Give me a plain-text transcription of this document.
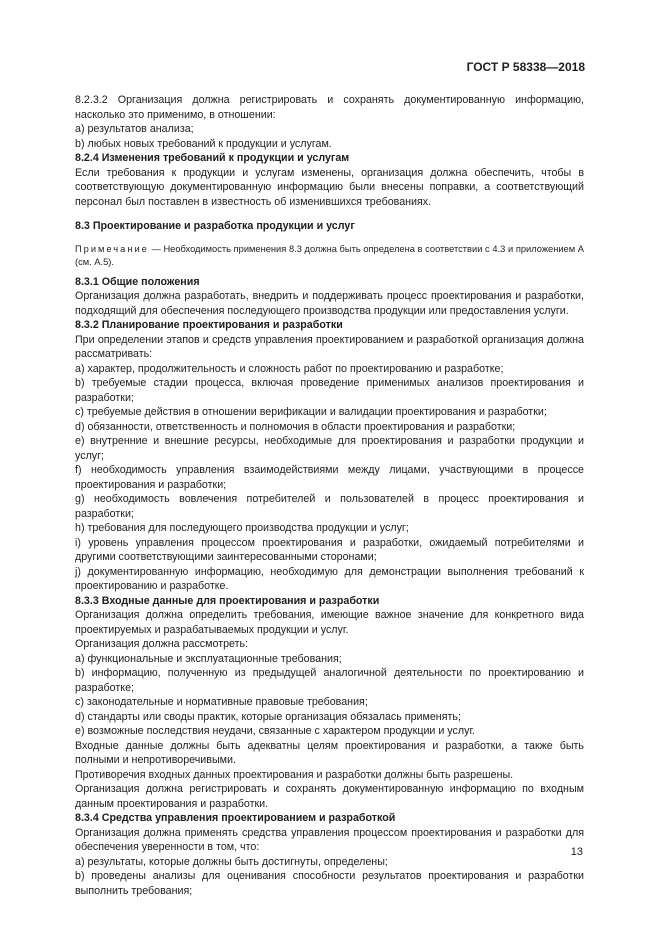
ГОСТ Р 58338—2018

8.2.3.2 Организация должна регистрировать и сохранять документированную информацию, насколько это применимо, в отношении:

a) результатов анализа;

b) любых новых требований к продукции и услугам.

8.2.4 Изменения требований к продукции и услугам

Если требования к продукции и услугам изменены, организация должна обеспечить, чтобы в соответствующую документированную информацию были внесены поправки, а соответствующий персонал был поставлен в известность об изменившихся требованиях.

8.3 Проектирование и разработка продукции и услуг

Примечание — Необходимость применения 8.3 должна быть определена в соответствии с 4.3 и приложением А (см. А.5).

8.3.1 Общие положения

Организация должна разработать, внедрить и поддерживать процесс проектирования и разработки, подходящий для обеспечения последующего производства продукции или предоставления услуги.

8.3.2 Планирование проектирования и разработки

При определении этапов и средств управления проектированием и разработкой организация должна рассматривать:

a) характер, продолжительность и сложность работ по проектированию и разработке;

b) требуемые стадии процесса, включая проведение применимых анализов проектирования и разработки;

c) требуемые действия в отношении верификации и валидации проектирования и разработки;

d) обязанности, ответственность и полномочия в области проектирования и разработки;

e) внутренние и внешние ресурсы, необходимые для проектирования и разработки продукции и услуг;

f) необходимость управления взаимодействиями между лицами, участвующими в процессе проектирования и разработки;

g) необходимость вовлечения потребителей и пользователей в процесс проектирования и разработки;

h) требования для последующего производства продукции и услуг;

i) уровень управления процессом проектирования и разработки, ожидаемый потребителями и другими соответствующими заинтересованными сторонами;

j) документированную информацию, необходимую для демонстрации выполнения требований к проектированию и разработке.

8.3.3 Входные данные для проектирования и разработки

Организация должна определить требования, имеющие важное значение для конкретного вида проектируемых и разрабатываемых продукции и услуг.

Организация должна рассмотреть:

a) функциональные и эксплуатационные требования;

b) информацию, полученную из предыдущей аналогичной деятельности по проектированию и разработке;

c) законодательные и нормативные правовые требования;

d) стандарты или своды практик, которые организация обязалась применять;

e) возможные последствия неудачи, связанные с характером продукции и услуг.

Входные данные должны быть адекватны целям проектирования и разработки, а также быть полными и непротиворечивыми.

Противоречия входных данных проектирования и разработки должны быть разрешены.

Организация должна регистрировать и сохранять документированную информацию по входным данным проектирования и разработки.

8.3.4 Средства управления проектированием и разработкой

Организация должна применять средства управления процессом проектирования и разработки для обеспечения уверенности в том, что:

a) результаты, которые должны быть достигнуты, определены;

b) проведены анализы для оценивания способности результатов проектирования и разработки выполнить требования;

13
